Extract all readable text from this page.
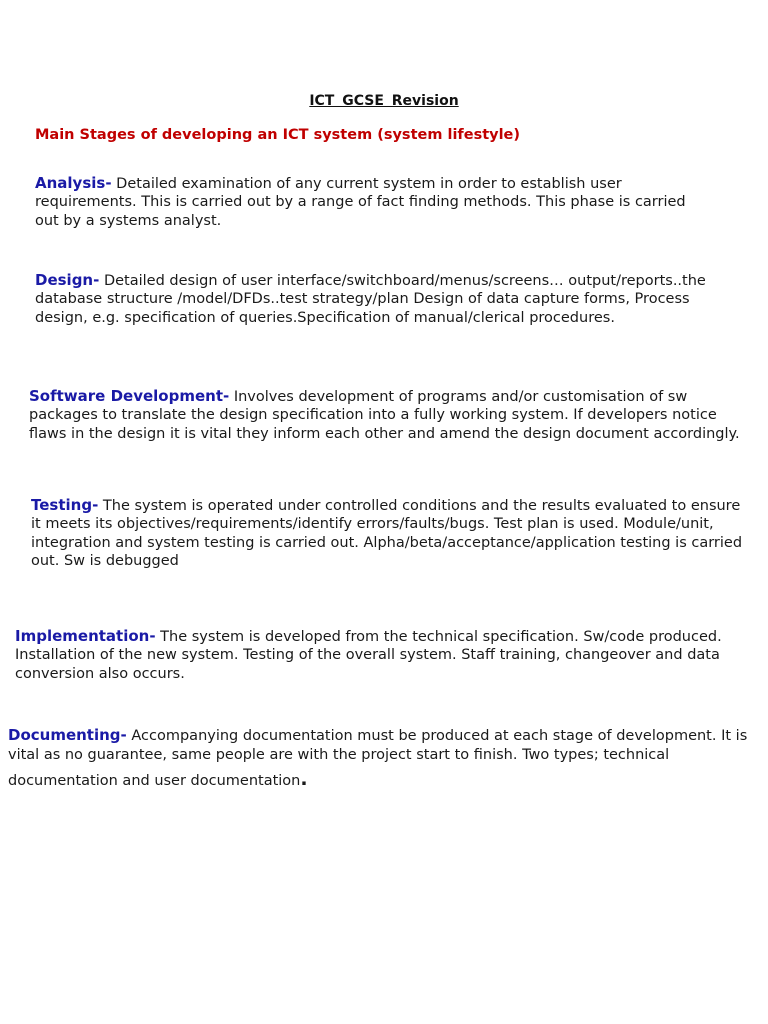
ICT GCSE Revision
Main Stages of developing an ICT system (system lifestyle)
Analysis- Detailed examination of any current system in order to establish user requirements. This is carried out by a range of fact finding methods. This phase is carried out by a systems analyst.
Design- Detailed design of user interface/switchboard/menus/screens… output/reports..the database structure /model/DFDs..test strategy/plan Design of data capture forms, Process design, e.g. specification of queries.Specification of manual/clerical procedures.
Software Development- Involves development of programs and/or customisation of sw packages to translate the design specification into a fully working system. If developers notice flaws in the design it is vital they inform each other and amend the design document accordingly.
Testing- The system is operated under controlled conditions and the results evaluated to ensure it meets its objectives/requirements/identify errors/faults/bugs. Test plan is used. Module/unit, integration and system testing is carried out. Alpha/beta/acceptance/application testing is carried out. Sw is debugged
Implementation- The system is developed from the technical specification. Sw/code produced. Installation of the new system. Testing of the overall system. Staff training, changeover and data conversion also occurs.
Documenting- Accompanying documentation must be produced at each stage of development. It is vital as no guarantee, same people are with the project start to finish. Two types; technical
documentation and user documentation.
